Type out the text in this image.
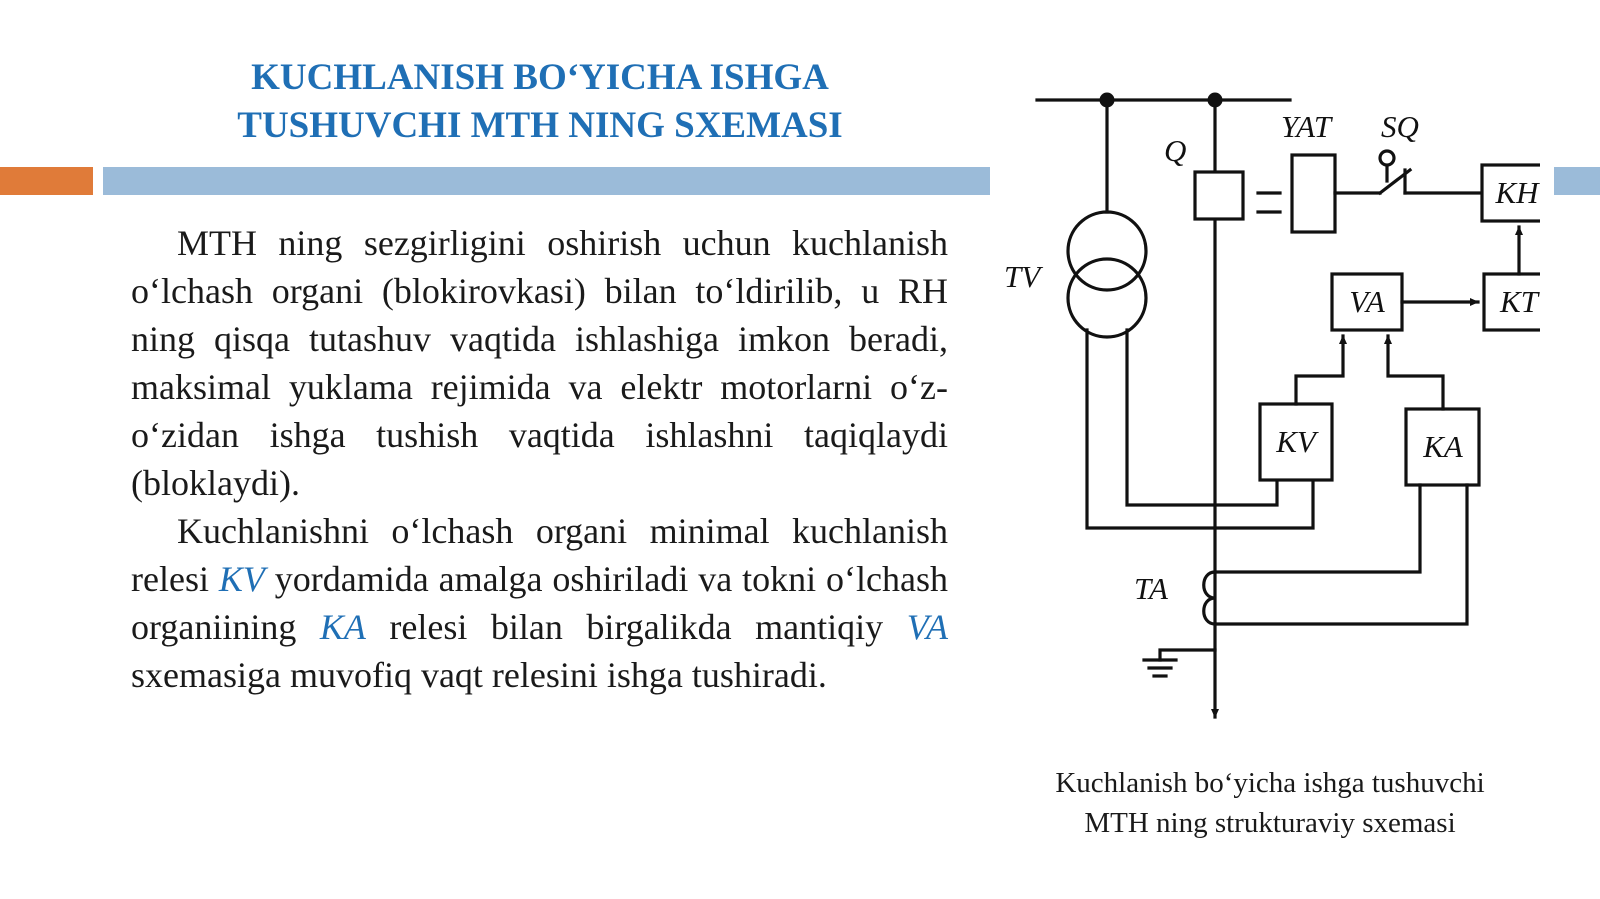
KUCHLANISH BO‘YICHA ISHGA
TUSHUVCHI MTH NING SXEMASI

MTH ning sezgirligini oshirish uchun kuchlanish o‘lchash organi (blokirovkasi) bilan to‘ldirilib, u RH ning qisqa tutashuv vaqtida ishlashiga imkon beradi, maksimal yuklama rejimida va elektr motorlarni o‘z-o‘zidan ishga tushish vaqtida ishlashni taqiqlaydi (bloklaydi).

Kuchlanishni o‘lchash organi minimal kuchlanish relesi KV yordamida amalga oshiriladi va tokni o‘lchash organiining KA relesi bilan birgalikda mantiqiy VA sxemasiga muvofiq vaqt relesini ishga tushiradi.

Q
YAT SQ
TV
TA
KH
VA	KT
KV	KA
Kuchlanish bo‘yicha ishga tushuvchi
MTH ning strukturaviy sxemasi
